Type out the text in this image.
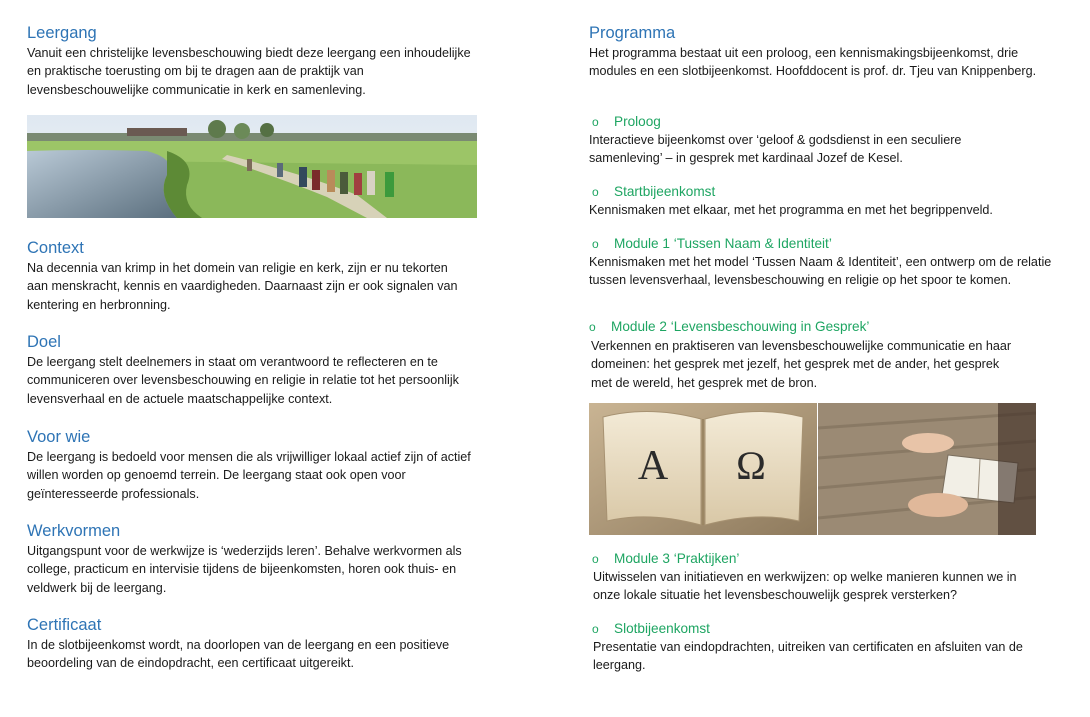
Leergang

Vanuit een christelijke levensbeschouwing biedt deze leergang een inhoudelijke en praktische toerusting om bij te dragen aan de praktijk van levensbeschouwelijke communicatie in kerk en samenleving.

Context

Na decennia van krimp in het domein van religie en kerk, zijn er nu tekorten aan menskracht, kennis en vaardigheden. Daarnaast zijn er ook signalen van kentering en herbronning.

Doel

De leergang stelt deelnemers in staat om verantwoord te reflecteren en te communiceren over levensbeschouwing en religie in relatie tot het persoonlijk levensverhaal en de actuele maatschappelijke context.

Voor wie

De leergang is bedoeld voor mensen die als vrijwilliger lokaal actief zijn of actief willen worden op genoemd terrein. De leergang staat ook open voor geïnteresseerde professionals.

Werkvormen

Uitgangspunt voor de werkwijze is ‘wederzijds leren’. Behalve werkvormen als college, practicum en intervisie tijdens de bijeenkomsten, horen ook thuis- en veldwerk bij de leergang.

Certificaat

In de slotbijeenkomst wordt, na doorlopen van de leergang en een positieve beoordeling van de eindopdracht, een certificaat uitgereikt.

Programma

Het programma bestaat uit een proloog, een kennismakingsbijeenkomst, drie modules en een slotbijeenkomst. Hoofddocent is prof. dr. Tjeu van Knippenberg.

o Proloog

Interactieve bijeenkomst over ‘geloof & godsdienst in een seculiere samenleving’ – in gesprek met kardinaal Jozef de Kesel.

o Startbijeenkomst

Kennismaken met elkaar, met het programma en met het begrippenveld.

o Module 1 ‘Tussen Naam & Identiteit’

Kennismaken met het model ‘Tussen Naam & Identiteit’, een ontwerp om de relatie tussen levensverhaal, levensbeschouwing en religie op het spoor te komen.

o Module 2 ‘Levensbeschouwing in Gesprek’

Verkennen en praktiseren van levensbeschouwelijke communicatie en haar domeinen: het gesprek met jezelf, het gesprek met de ander, het gesprek met de wereld, het gesprek met de bron.

A Ω
o Module 3 ‘Praktijken’

Uitwisselen van initiatieven en werkwijzen: op welke manieren kunnen we in onze lokale situatie het levensbeschouwelijk gesprek versterken?

o Slotbijeenkomst

Presentatie van eindopdrachten, uitreiken van certificaten en afsluiten van de leergang.
